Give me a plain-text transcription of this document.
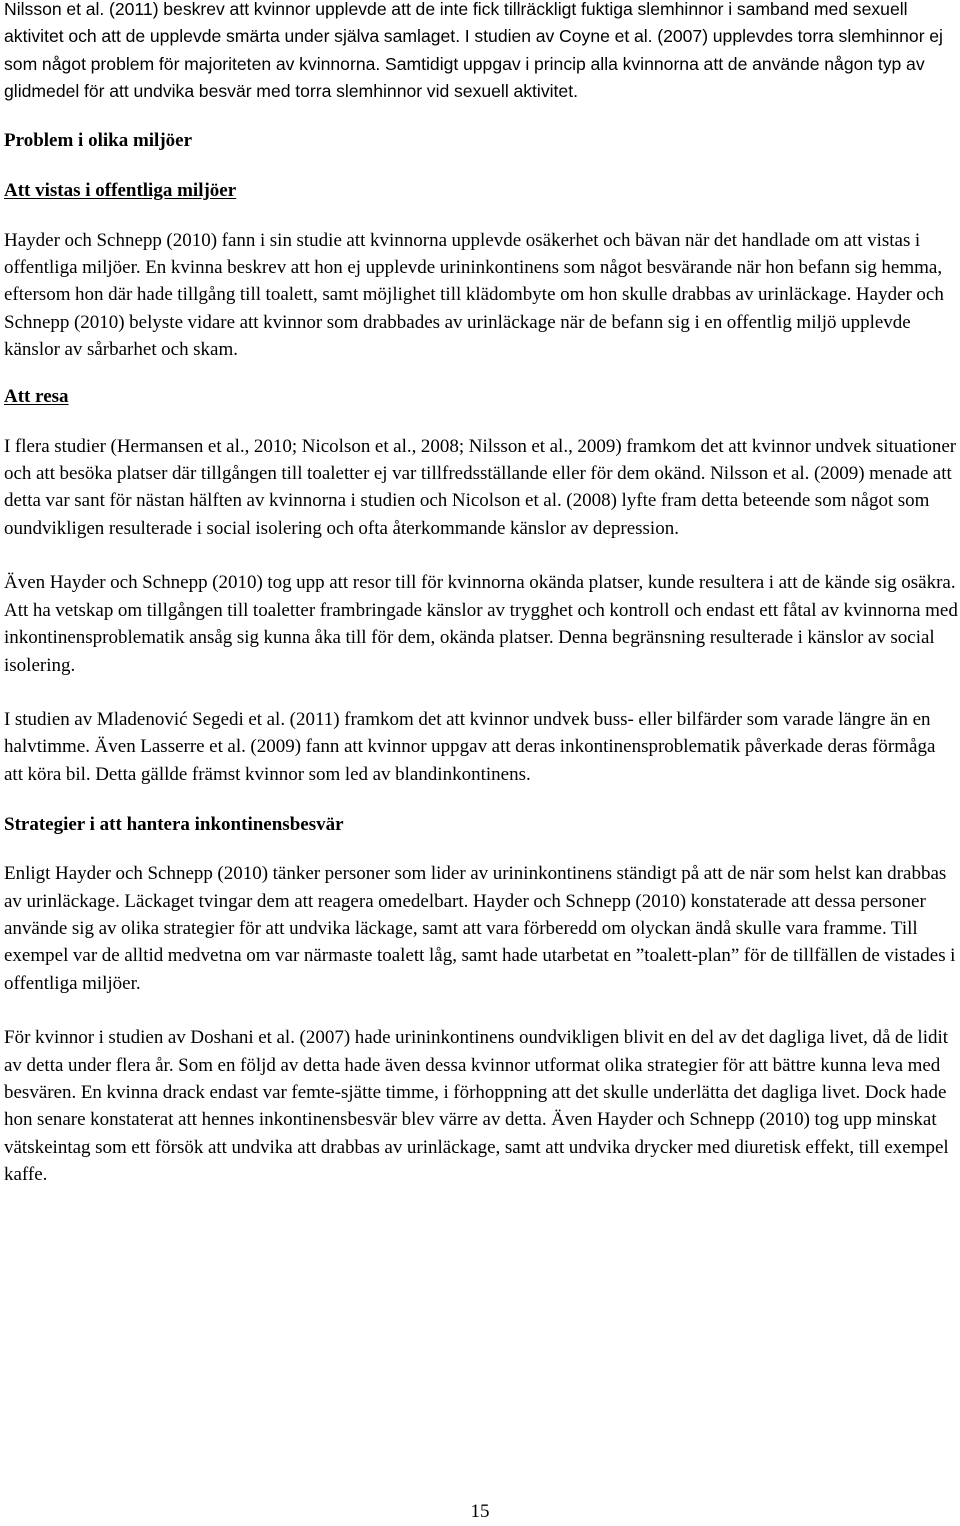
Nilsson et al. (2011) beskrev att kvinnor upplevde att de inte fick tillräckligt fuktiga slemhinnor i samband med sexuell aktivitet och att de upplevde smärta under själva samlaget. I studien av Coyne et al. (2007) upplevdes torra slemhinnor ej som något problem för majoriteten av kvinnorna. Samtidigt uppgav i princip alla kvinnorna att de använde någon typ av glidmedel för att undvika besvär med torra slemhinnor vid sexuell aktivitet.

Problem i olika miljöer
Att vistas i offentliga miljöer

Hayder och Schnepp (2010) fann i sin studie att kvinnorna upplevde osäkerhet och bävan när det handlade om att vistas i offentliga miljöer. En kvinna beskrev att hon ej upplevde urininkontinens som något besvärande när hon befann sig hemma, eftersom hon där hade tillgång till toalett, samt möjlighet till klädombyte om hon skulle drabbas av urinläckage. Hayder och Schnepp (2010) belyste vidare att kvinnor som drabbades av urinläckage när de befann sig i en offentlig miljö upplevde känslor av sårbarhet och skam.

Att resa

I flera studier (Hermansen et al., 2010; Nicolson et al., 2008; Nilsson et al., 2009) framkom det att kvinnor undvek situationer och att besöka platser där tillgången till toaletter ej var tillfredsställande eller för dem okänd. Nilsson et al. (2009) menade att detta var sant för nästan hälften av kvinnorna i studien och Nicolson et al. (2008) lyfte fram detta beteende som något som oundvikligen resulterade i social isolering och ofta återkommande känslor av depression.

Även Hayder och Schnepp (2010) tog upp att resor till för kvinnorna okända platser, kunde resultera i att de kände sig osäkra. Att ha vetskap om tillgången till toaletter frambringade känslor av trygghet och kontroll och endast ett fåtal av kvinnorna med inkontinensproblematik ansåg sig kunna åka till för dem, okända platser. Denna begränsning resulterade i känslor av social isolering.

I studien av Mladenović Segedi et al. (2011) framkom det att kvinnor undvek buss- eller bilfärder som varade längre än en halvtimme. Även Lasserre et al. (2009) fann att kvinnor uppgav att deras inkontinensproblematik påverkade deras förmåga att köra bil. Detta gällde främst kvinnor som led av blandinkontinens.

Strategier i att hantera inkontinensbesvär

Enligt Hayder och Schnepp (2010) tänker personer som lider av urininkontinens ständigt på att de när som helst kan drabbas av urinläckage. Läckaget tvingar dem att reagera omedelbart. Hayder och Schnepp (2010) konstaterade att dessa personer använde sig av olika strategier för att undvika läckage, samt att vara förberedd om olyckan ändå skulle vara framme. Till exempel var de alltid medvetna om var närmaste toalett låg, samt hade utarbetat en ”toalett-plan” för de tillfällen de vistades i offentliga miljöer.

För kvinnor i studien av Doshani et al. (2007) hade urininkontinens oundvikligen blivit en del av det dagliga livet, då de lidit av detta under flera år. Som en följd av detta hade även dessa kvinnor utformat olika strategier för att bättre kunna leva med besvären. En kvinna drack endast var femte-sjätte timme, i förhoppning att det skulle underlätta det dagliga livet. Dock hade hon senare konstaterat att hennes inkontinensbesvär blev värre av detta. Även Hayder och Schnepp (2010) tog upp minskat vätskeintag som ett försök att undvika att drabbas av urinläckage, samt att undvika drycker med diuretisk effekt, till exempel kaffe.

15
